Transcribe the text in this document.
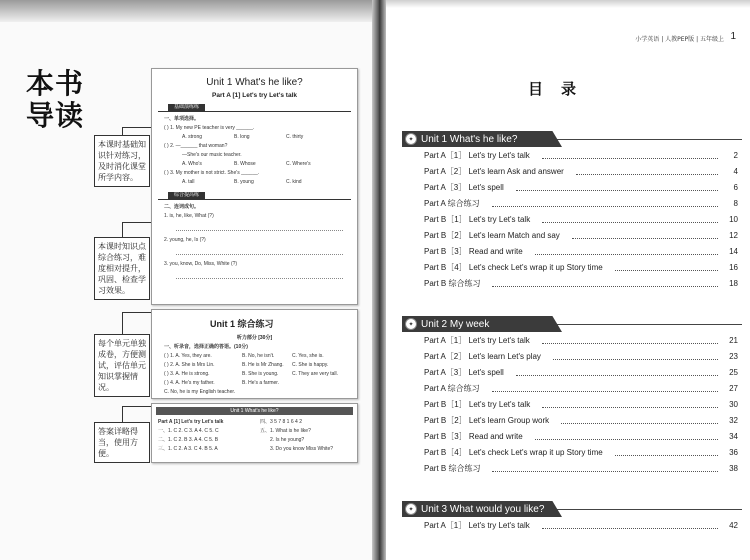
本书导读
本课时基础知识针对练习，及时消化课堂所学内容。
本课时知识点综合练习，难度相对提升，巩固、检查学习效果。
每个单元单独成卷，方便测试，评估单元知识掌握情况。
答案详略得当，使用方便。
Unit 1 What's he like?
Part A [1] Let's try Let's talk
基础演练练
一、单项选择。
( ) 1. My new PE teacher is very ______.
A. strong	B. long	C. thirty
( ) 2. —______ that woman?
—She's our music teacher.
A. Who's	B. Whose	C. Where's
( ) 3. My mother is not strict. She's ______.
A. tall	B. young	C. kind
综合提高练
二、连词成句。
1. is, he, like, What (?)
2. young, he, Is (?)
3. you, know, Do, Miss, White (?)
Unit 1 综合练习
听力部分 [30分]
一、听录音，选择正确的答语。(10分)
( ) 1. A. Yes, they are.	B. No, he isn't.	C. Yes, she is.
( ) 2. A. She is Mrs Lin.	B. He is Mr Zhang.	C. She is happy.
( ) 3. A. He is strong.	B. She is young.	C. They are very tall.
( ) 4. A. He's my father.	B. He's a farmer.
C. No, he is my English teacher.
Unit 1 What's he like?
Part A [1] Let's try Let's talk
一、1. C 2. C 3. A 4. C 5. C
二、1. C 2. B 3. A 4. C 5. B
三、1. C 2. A 3. C 4. B 5. A
四、3 5 7 8 1 6 4 2
五、1. What is he like?
2. Is he young?
3. Do you know Miss White?
小学英语 | 人教PEP版 | 五年级上 1
目录
✦ Unit 1 What's he like?
Part A［1］ Let's try Let's talk	2
Part A［2］ Let's learn Ask and answer	4
Part A［3］ Let's spell	6
Part A 综合练习	8
Part B［1］ Let's try Let's talk	10
Part B［2］ Let's learn Match and say	12
Part B［3］ Read and write	14
Part B［4］ Let's check Let's wrap it up Story time	16
Part B 综合练习	18
✦ Unit 2 My week
Part A［1］ Let's try Let's talk	21
Part A［2］ Let's learn Let's play	23
Part A［3］ Let's spell	25
Part A 综合练习	27
Part B［1］ Let's try Let's talk	30
Part B［2］ Let's learn Group work	32
Part B［3］ Read and write	34
Part B［4］ Let's check Let's wrap it up Story time	36
Part B 综合练习	38
✦ Unit 3 What would you like?
Part A［1］ Let's try Let's talk	42
